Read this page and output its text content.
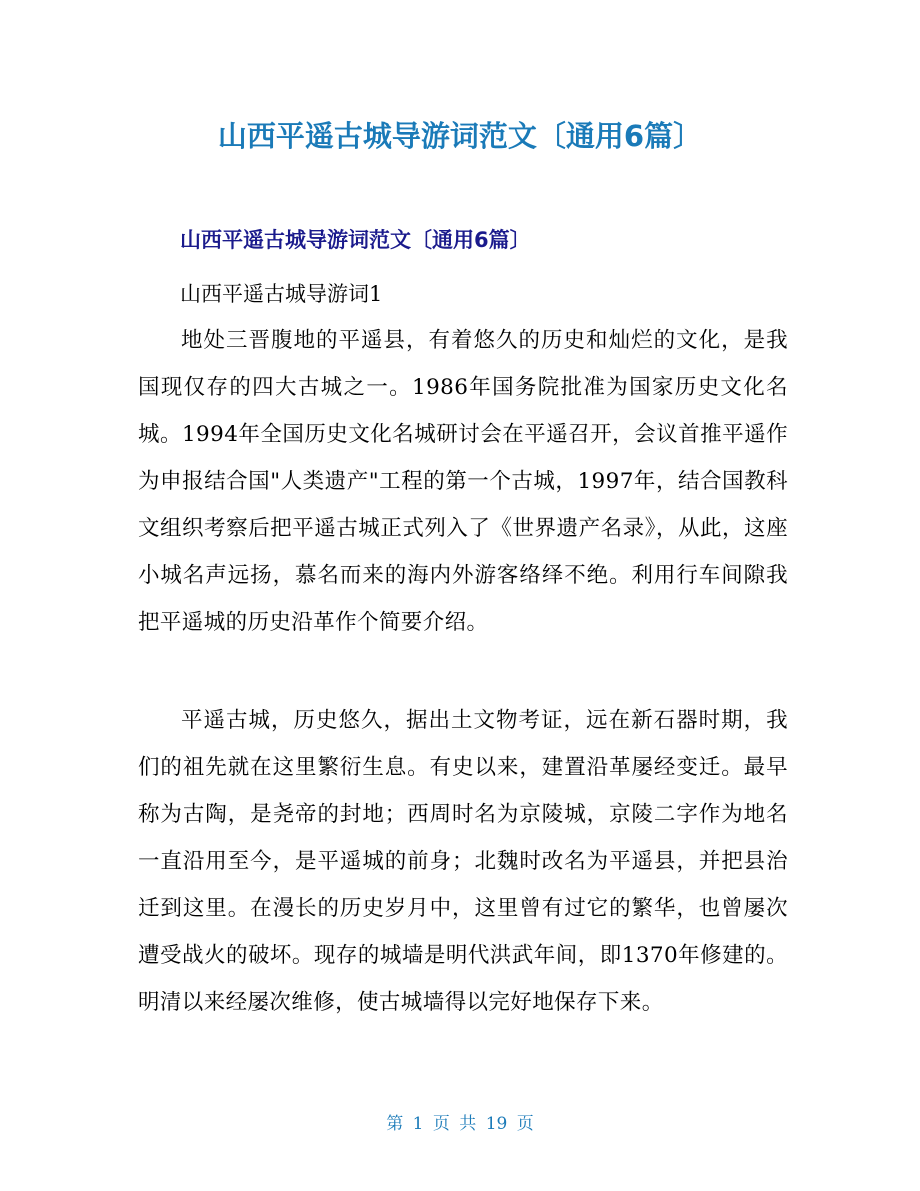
山西平遥古城导游词范文〔通用6篇〕
山西平遥古城导游词范文〔通用6篇〕
山西平遥古城导游词1

地处三晋腹地的平遥县，有着悠久的历史和灿烂的文化，是我国现仅存的四大古城之一。1986年国务院批准为国家历史文化名城。1994年全国历史文化名城研讨会在平遥召开，会议首推平遥作为申报结合国"人类遗产"工程的第一个古城，1997年，结合国教科文组织考察后把平遥古城正式列入了《世界遗产名录》，从此，这座小城名声远扬，慕名而来的海内外游客络绎不绝。利用行车间隙我把平遥城的历史沿革作个简要介绍。

平遥古城，历史悠久，据出土文物考证，远在新石器时期，我们的祖先就在这里繁衍生息。有史以来，建置沿革屡经变迁。最早称为古陶，是尧帝的封地；西周时名为京陵城，京陵二字作为地名一直沿用至今，是平遥城的前身；北魏时改名为平遥县，并把县治迁到这里。在漫长的历史岁月中，这里曾有过它的繁华，也曾屡次遭受战火的破坏。现存的城墙是明代洪武年间，即1370年修建的。明清以来经屡次维修，使古城墙得以完好地保存下来。

第 1 页 共 19 页
